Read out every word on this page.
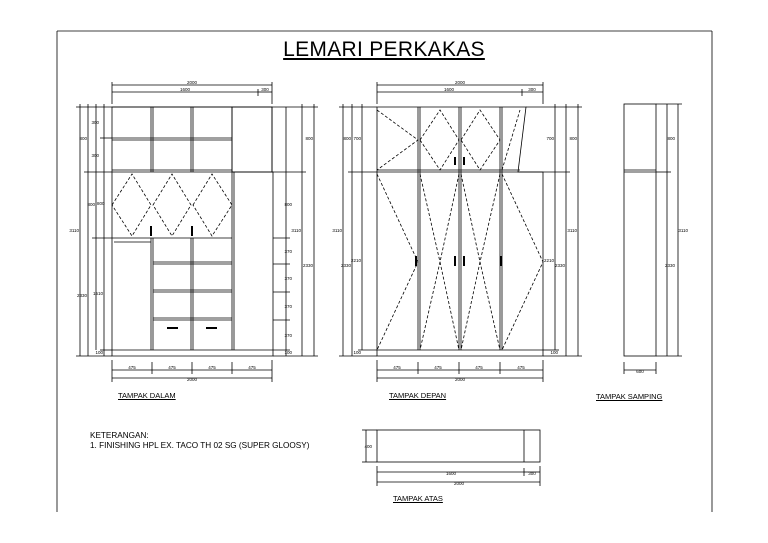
LEMARI PERKAKAS
2000
1600	300
3110
800
2330
800 800
1510
300
300
100
3110
800
2330
800
370
370
370
370
100
475	475	475	475
2000
2000
1600	300
3110
800 700
2330
2210
100
700	800
3110
2210
2330
100
475	475	475	475
2000
800
3110
2330
600
400
1600	300
2000
TAMPAK DALAM	TAMPAK DEPAN	TAMPAK SAMPING
TAMPAK ATAS
KETERANGAN:
1. FINISHING HPL EX. TACO TH 02 SG (SUPER GLOOSY)
